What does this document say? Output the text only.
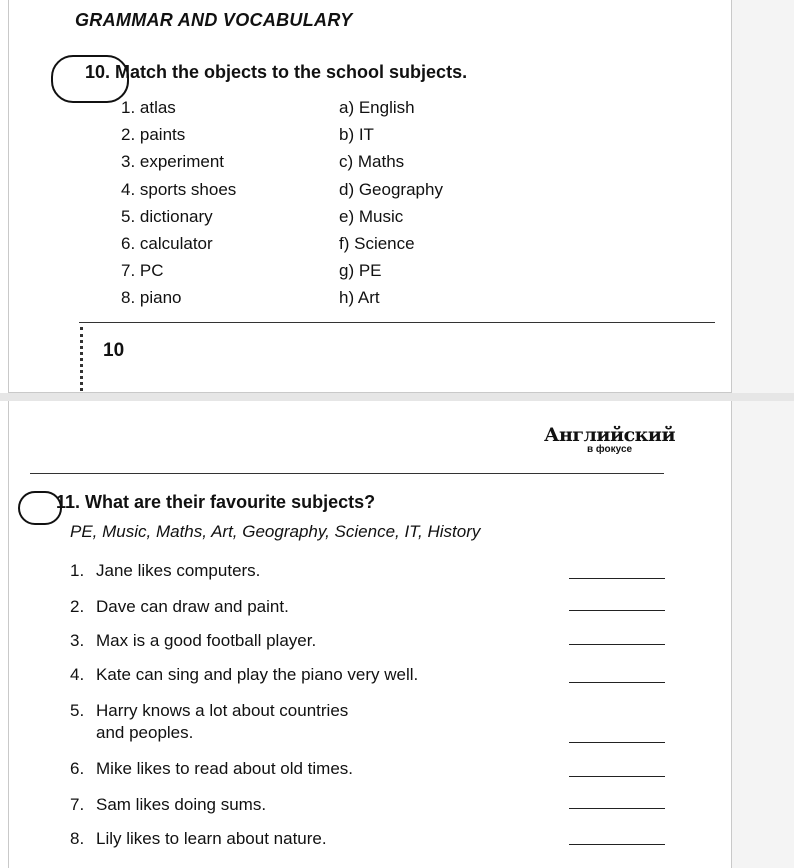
GRAMMAR AND VOCABULARY
10. Match the objects to the school subjects.
1. atlas	a) English
2. paints	b) IT
3. experiment	c) Maths
4. sports shoes	d) Geography
5. dictionary	e) Music
6. calculator	f) Science
7. PC	g) PE
8. piano	h) Art
10
Английский
в фокусе
11. What are their favourite subjects?
PE, Music, Maths, Art, Geography, Science, IT, History
1. Jane likes computers.
2. Dave can draw and paint.
3. Max is a good football player.
4. Kate can sing and play the piano very well.
5. Harry knows a lot about countries
and peoples.
6. Mike likes to read about old times.
7. Sam likes doing sums.
8. Lily likes to learn about nature.
